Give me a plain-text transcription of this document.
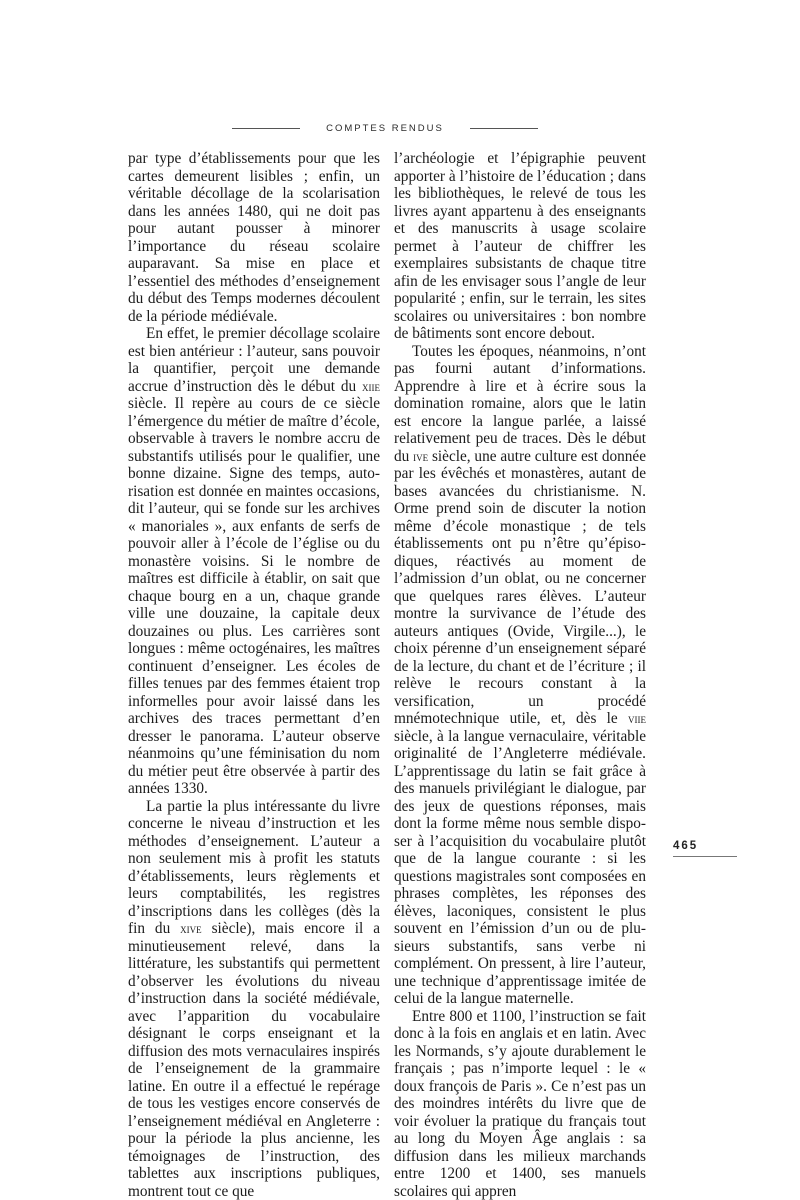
COMPTES RENDUS

par type d’établissements pour que les cartes demeurent lisibles ; enfin, un véritable décollage de la scolarisation dans les années 1480, qui ne doit pas pour autant pousser à minorer l’importance du réseau scolaire auparavant. Sa mise en place et l’essentiel des méthodes d’enseignement du début des Temps modernes découlent de la période médiévale.

En effet, le premier décollage scolaire est bien antérieur : l’auteur, sans pouvoir la quantifier, perçoit une demande accrue d’instruction dès le début du xiie siècle. Il repère au cours de ce siècle l’émergence du métier de maître d’école, observable à travers le nombre accru de substantifs utilisés pour le qualifier, une bonne dizaine. Signe des temps, autorisation est donnée en maintes occasions, dit l’auteur, qui se fonde sur les archives « manoriales », aux enfants de serfs de pouvoir aller à l’école de l’église ou du monastère voisins. Si le nombre de maîtres est difficile à établir, on sait que chaque bourg en a un, chaque grande ville une douzaine, la capitale deux douzaines ou plus. Les carrières sont longues : même octogénaires, les maîtres continuent d’enseigner. Les écoles de filles tenues par des femmes étaient trop informelles pour avoir laissé dans les archives des traces permettant d’en dresser le panorama. L’auteur observe néanmoins qu’une féminisation du nom du métier peut être observée à partir des années 1330.

La partie la plus intéressante du livre concerne le niveau d’instruction et les méthodes d’enseignement. L’auteur a non seulement mis à profit les statuts d’établissements, leurs règlements et leurs comptabilités, les registres d’inscriptions dans les collèges (dès la fin du xive siècle), mais encore il a minutieusement relevé, dans la littérature, les substantifs qui permettent d’observer les évolutions du niveau d’instruction dans la société médiévale, avec l’apparition du vocabulaire désignant le corps enseignant et la diffusion des mots vernaculaires inspirés de l’enseignement de la grammaire latine. En outre il a effectué le repérage de tous les vestiges encore conservés de l’enseignement médiéval en Angleterre : pour la période la plus ancienne, les témoignages de l’instruction, des tablettes aux inscriptions publiques, montrent tout ce que

l’archéologie et l’épigraphie peuvent apporter à l’histoire de l’éducation ; dans les bibliothèques, le relevé de tous les livres ayant appartenu à des enseignants et des manuscrits à usage scolaire permet à l’auteur de chiffrer les exemplaires subsistants de chaque titre afin de les envisager sous l’angle de leur popularité ; enfin, sur le terrain, les sites scolaires ou universitaires : bon nombre de bâtiments sont encore debout.

Toutes les époques, néanmoins, n’ont pas fourni autant d’informations. Apprendre à lire et à écrire sous la domination romaine, alors que le latin est encore la langue parlée, a laissé relativement peu de traces. Dès le début du ive siècle, une autre culture est donnée par les évêchés et monastères, autant de bases avancées du christianisme. N. Orme prend soin de discuter la notion même d’école monastique ; de tels établissements ont pu n’être qu’épisodiques, réactivés au moment de l’admission d’un oblat, ou ne concerner que quelques rares élèves. L’auteur montre la survivance de l’étude des auteurs antiques (Ovide, Virgile...), le choix pérenne d’un enseignement séparé de la lecture, du chant et de l’écriture ; il relève le recours constant à la versification, un procédé mnémotechnique utile, et, dès le viie siècle, à la langue vernaculaire, véritable originalité de l’Angleterre médiévale. L’apprentissage du latin se fait grâce à des manuels privilégiant le dialogue, par des jeux de questions réponses, mais dont la forme même nous semble disposer à l’acquisition du vocabulaire plutôt que de la langue courante : si les questions magistrales sont composées en phrases complètes, les réponses des élèves, laconiques, consistent le plus souvent en l’émission d’un ou de plusieurs substantifs, sans verbe ni complément. On pressent, à lire l’auteur, une technique d’apprentissage imitée de celui de la langue maternelle.

Entre 800 et 1100, l’instruction se fait donc à la fois en anglais et en latin. Avec les Normands, s’y ajoute durablement le français ; pas n’importe lequel : le « doux françois de Paris ». Ce n’est pas un des moindres intérêts du livre que de voir évoluer la pratique du français tout au long du Moyen Âge anglais : sa diffusion dans les milieux marchands entre 1200 et 1400, ses manuels scolaires qui appren

465
